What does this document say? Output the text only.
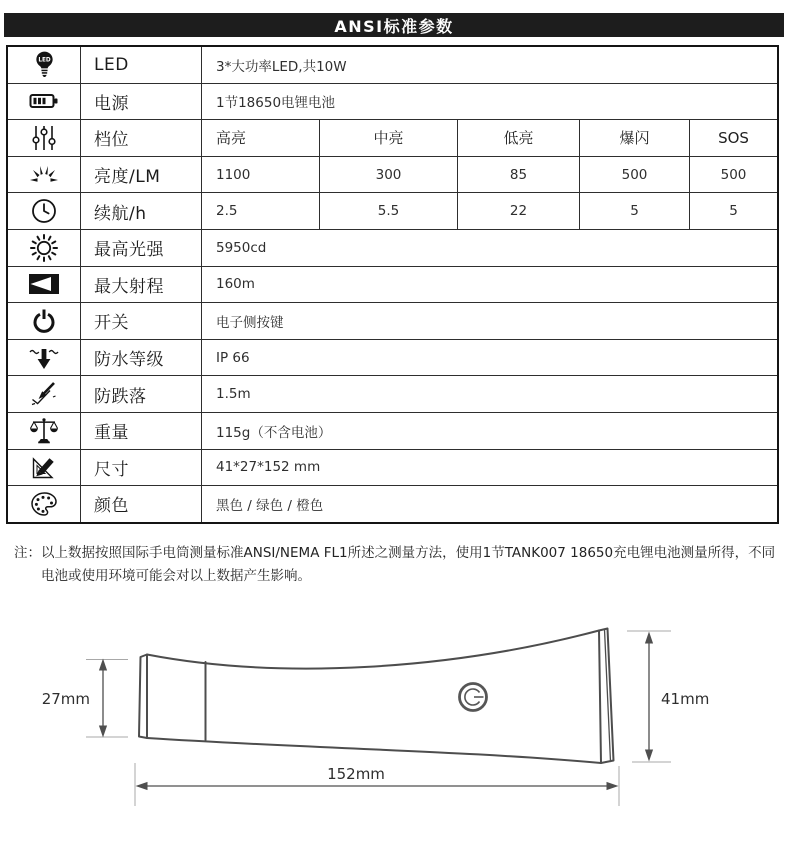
ANSI标准参数
LED	LED	3*大功率LED,共10W
电源	1节18650电锂电池
档位	高亮	中亮	低亮	爆闪	SOS
亮度/LM	1100	300	85	500	500
续航/h	2.5	5.5	22	5	5
最高光强	5950cd
最大射程	160m
开关	电子侧按键
防水等级	IP 66
防跌落	1.5m
重量	115g（不含电池）
尺寸	41*27*152 mm
颜色	黑色 / 绿色 / 橙色
注： 以上数据按照国际手电筒测量标准ANSI/NEMA FL1所述之测量方法，使用1节TANK007 18650充电锂电池测量所得，不同电池或使用环境可能会对以上数据产生影响。
27mm	41mm
152mm
